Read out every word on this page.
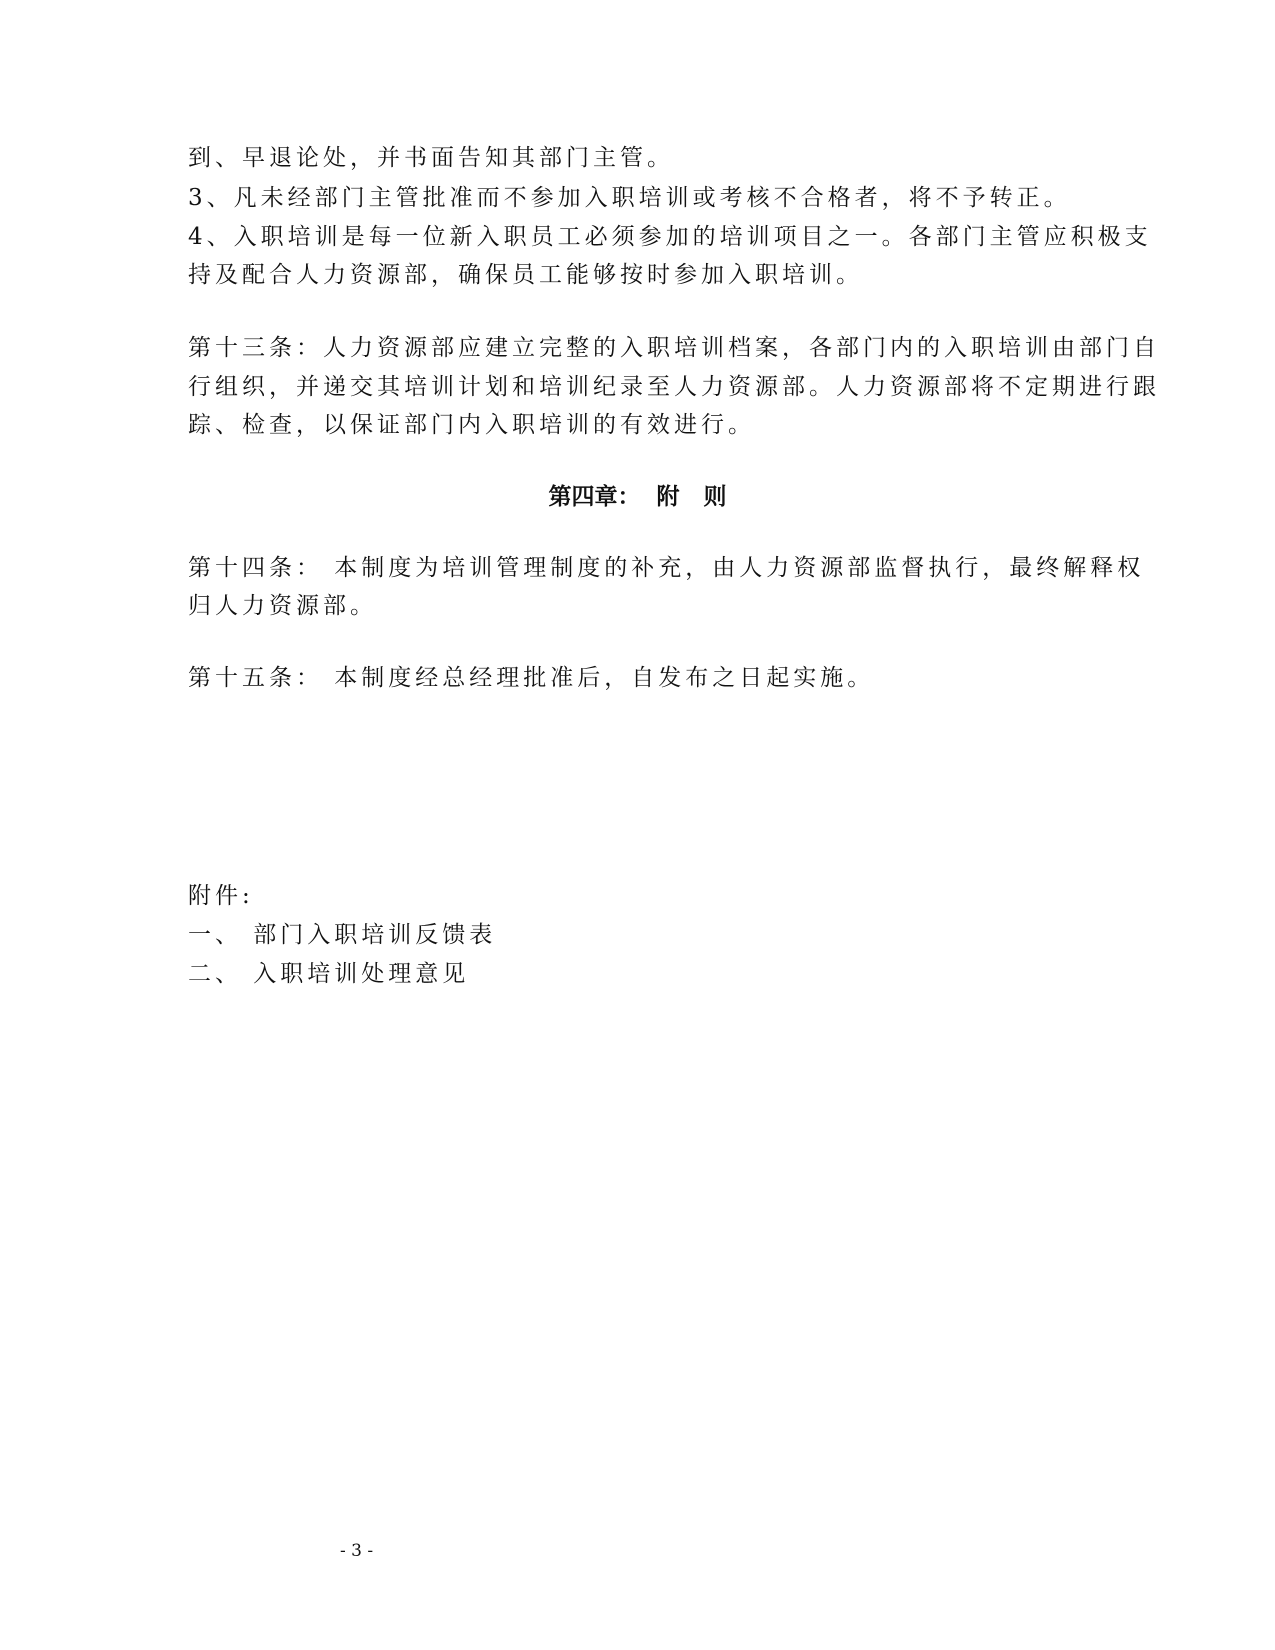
到、早退论处，并书面告知其部门主管。
3、凡未经部门主管批准而不参加入职培训或考核不合格者，将不予转正。
4、入职培训是每一位新入职员工必须参加的培训项目之一。各部门主管应积极支
持及配合人力资源部，确保员工能够按时参加入职培训。
第十三条：人力资源部应建立完整的入职培训档案，各部门内的入职培训由部门自
行组织，并递交其培训计划和培训纪录至人力资源部。人力资源部将不定期进行跟
踪、检查，以保证部门内入职培训的有效进行。
第四章：  附   则
第十四条： 本制度为培训管理制度的补充，由人力资源部监督执行，最终解释权
归人力资源部。
第十五条： 本制度经总经理批准后，自发布之日起实施。
附件:
一、 部门入职培训反馈表
二、 入职培训处理意见
- 3 -
